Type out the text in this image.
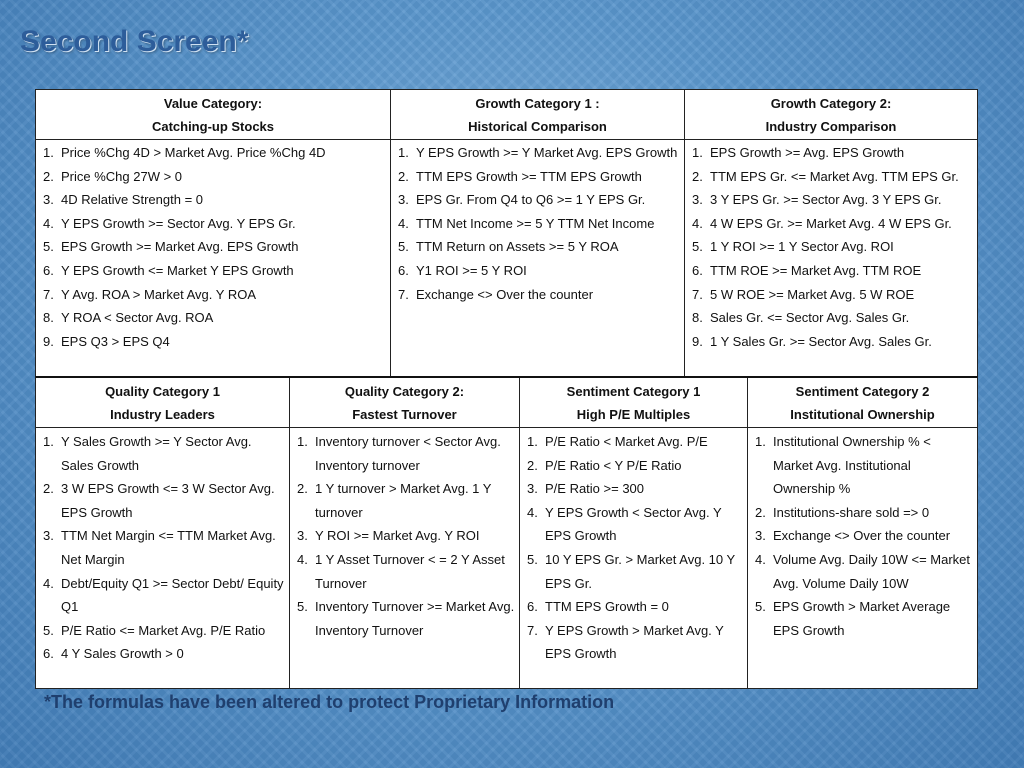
Second Screen*
Value Category:
Catching-up Stocks
1. Price %Chg 4D > Market Avg. Price %Chg 4D
2. Price %Chg 27W > 0
3. 4D Relative Strength = 0
4. Y EPS Growth >= Sector Avg. Y EPS Gr.
5. EPS Growth >= Market Avg. EPS Growth
6. Y EPS Growth <= Market Y EPS Growth
7. Y Avg. ROA > Market Avg. Y ROA
8. Y ROA < Sector Avg. ROA
9. EPS Q3 > EPS Q4
Growth Category 1 :
Historical Comparison
1. Y EPS Growth >= Y Market Avg. EPS Growth
2. TTM EPS Growth >= TTM EPS Growth
3. EPS Gr. From Q4 to Q6 >= 1 Y EPS Gr.
4. TTM Net Income >= 5 Y TTM Net Income
5. TTM Return on Assets >= 5 Y ROA
6. Y1 ROI >= 5 Y ROI
7. Exchange <> Over the counter
Growth Category 2:
Industry Comparison
1. EPS Growth >= Avg. EPS Growth
2. TTM EPS Gr. <= Market Avg. TTM EPS Gr.
3. 3 Y EPS Gr. >= Sector Avg. 3 Y EPS Gr.
4. 4 W EPS Gr. >= Market Avg. 4 W EPS Gr.
5. 1 Y ROI >= 1 Y Sector Avg. ROI
6. TTM ROE >= Market Avg. TTM ROE
7. 5 W ROE >= Market Avg. 5 W ROE
8. Sales Gr. <= Sector Avg. Sales Gr.
9. 1 Y Sales Gr. >= Sector Avg. Sales Gr.
Quality Category 1
Industry Leaders
1. Y Sales Growth >= Y Sector Avg. Sales Growth
2. 3 W EPS Growth <= 3 W Sector Avg. EPS Growth
3. TTM Net Margin <= TTM Market Avg. Net Margin
4. Debt/Equity Q1 >= Sector Debt/ Equity Q1
5. P/E Ratio <= Market Avg. P/E Ratio
6. 4 Y Sales Growth > 0
Quality Category 2:
Fastest Turnover
1. Inventory turnover < Sector Avg. Inventory turnover
2. 1 Y turnover > Market Avg. 1 Y turnover
3. Y ROI >= Market Avg. Y ROI
4. 1 Y Asset Turnover < = 2 Y Asset Turnover
5. Inventory Turnover >= Market Avg. Inventory Turnover
Sentiment Category 1
High P/E Multiples
1. P/E Ratio < Market Avg. P/E
2. P/E Ratio < Y P/E Ratio
3. P/E Ratio >= 300
4. Y EPS Growth < Sector Avg. Y EPS Growth
5. 10 Y EPS Gr. > Market Avg. 10 Y EPS Gr.
6. TTM EPS Growth = 0
7. Y EPS Growth > Market Avg. Y EPS Growth
Sentiment Category 2
Institutional Ownership
1. Institutional Ownership % < Market Avg. Institutional Ownership %
2. Institutions-share sold => 0
3. Exchange <> Over the counter
4. Volume Avg. Daily 10W <= Market Avg. Volume Daily 10W
5. EPS Growth > Market Average EPS Growth

*The formulas have been altered to protect Proprietary Information
